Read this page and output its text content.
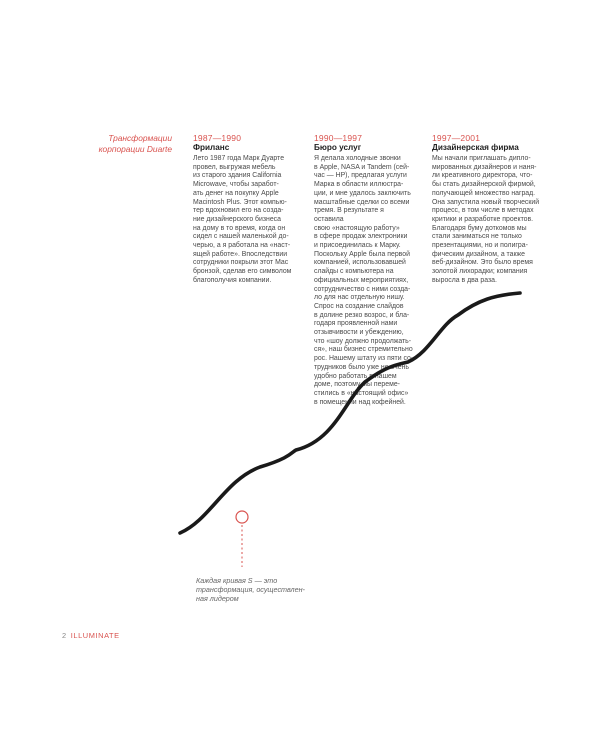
Трансформации
корпорации Duarte
1987—1990
Фриланс
Лето 1987 года Марк Дуарте
провел, выгружая мебель
из старого здания California
Microwave, чтобы заработ-
ать денег на покупку Apple
Macintosh Plus. Этот компью-
тер вдохновил его на созда-
ние дизайнерского бизнеса
на дому в то время, когда он
сидел с нашей маленькой до-
черью, а я работала на «наст-
ящей работе». Впоследствии
сотрудники покрыли этот Mac
бронзой, сделав его символом
благополучия компании.
1990—1997
Бюро услуг
Я делала холодные звонки
в Apple, NASA и Tandem (сей-
час — HP), предлагая услуги
Марка в области иллюстра-
ции, и мне удалось заключить
масштабные сделки со всеми
тремя. В результате я оставила
свою «настоящую работу»
в сфере продаж электроники
и присоединилась к Марку.
Поскольку Apple была первой
компанией, использовавшей
слайды с компьютера на
официальных мероприятиях,
сотрудничество с ними созда-
ло для нас отдельную нишу.
Спрос на создание слайдов
в долине резко возрос, и бла-
годаря проявленной нами
отзывчивости и убеждению,
что «шоу должно продолжать-
ся», наш бизнес стремительно
рос. Нашему штату из пяти со-
трудников было уже не очень
удобно работать в нашем
доме, поэтому мы переме-
стились в «настоящий офис»
в помещении над кофейней.
1997—2001
Дизайнерская фирма
Мы начали приглашать дипло-
мированных дизайнеров и наня-
ли креативного директора, что-
бы стать дизайнерской фирмой,
получающей множество наград.
Она запустила новый творческий
процесс, в том числе в методах
критики и разработке проектов.
Благодаря буму доткомов мы
стали заниматься не только
презентациями, но и полигра-
фическим дизайном, а также
веб-дизайном. Это было время
золотой лихорадки; компания
выросла в два раза.
Каждая кривая S — это
трансформация, осуществлен-
ная лидером
2 ILLUMINATE
